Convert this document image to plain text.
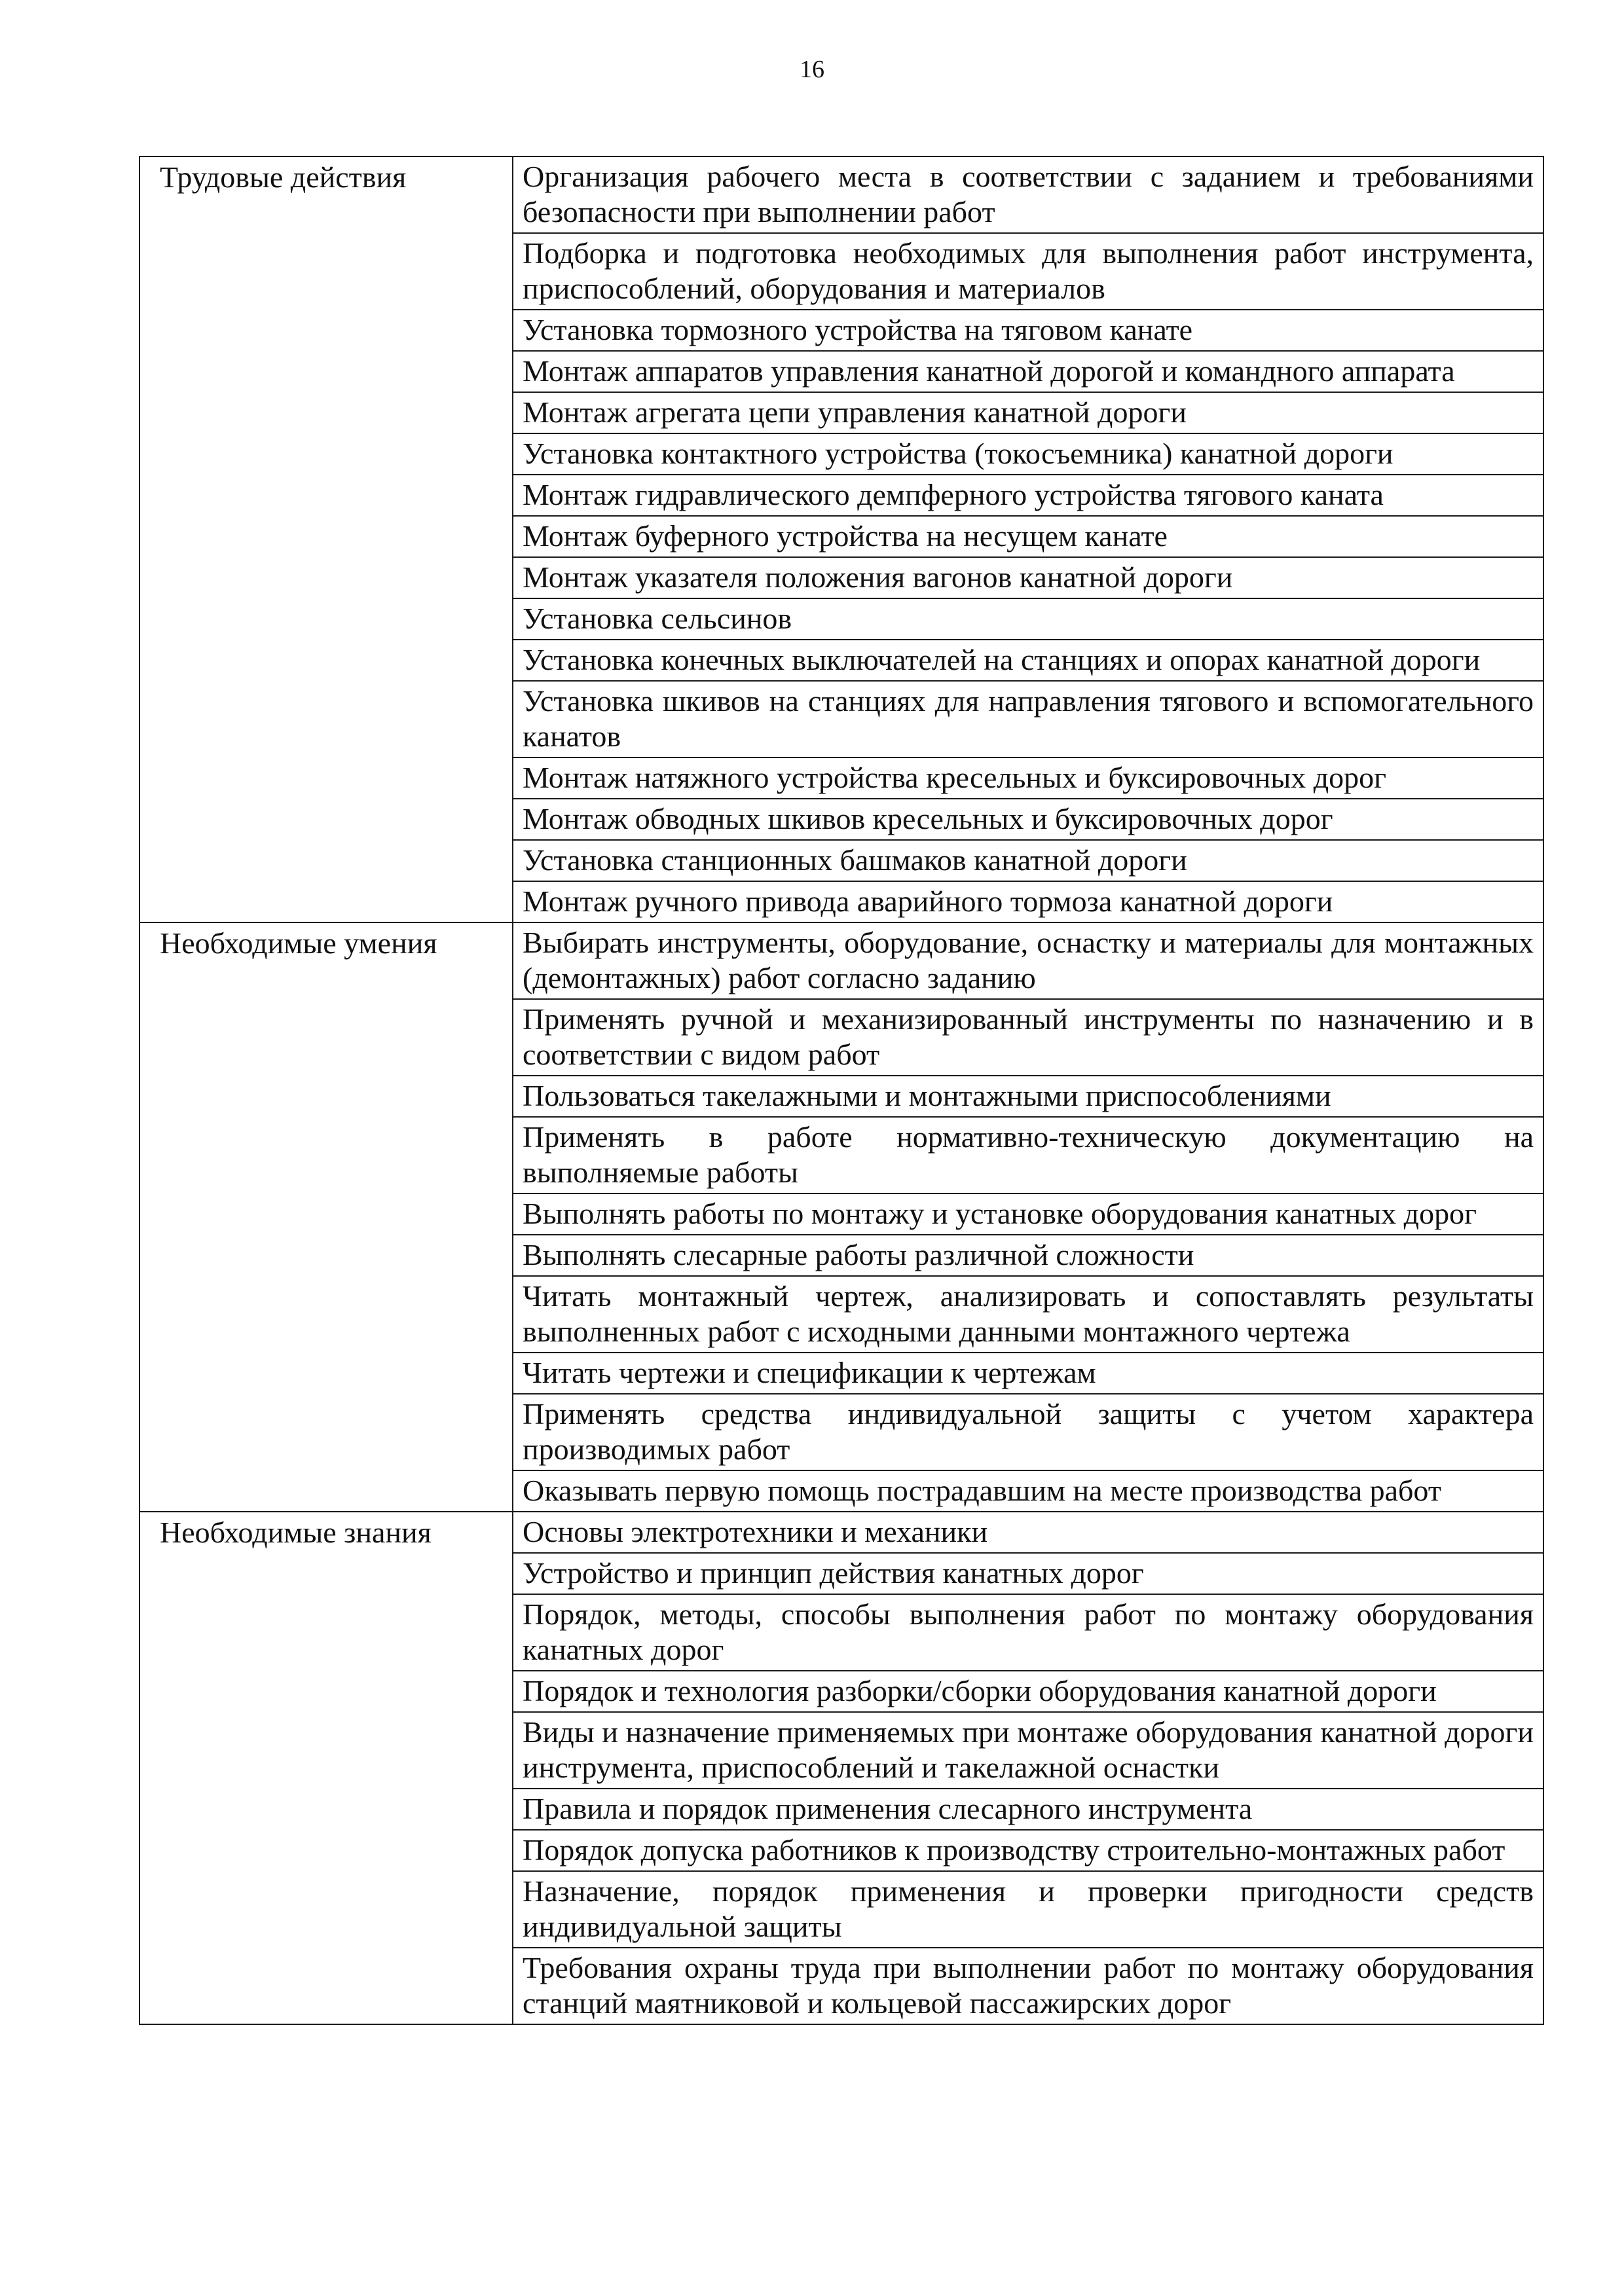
16
Трудовые действия	Организация рабочего места в соответствии с заданием и требованиями безопасности при выполнении работ
	Подборка и подготовка необходимых для выполнения работ инструмента, приспособлений, оборудования и материалов
	Установка тормозного устройства на тяговом канате
	Монтаж аппаратов управления канатной дорогой и командного аппарата
	Монтаж агрегата цепи управления канатной дороги
	Установка контактного устройства (токосъемника) канатной дороги
	Монтаж гидравлического демпферного устройства тягового каната
	Монтаж буферного устройства на несущем канате
	Монтаж указателя положения вагонов канатной дороги
	Установка сельсинов
	Установка конечных выключателей на станциях и опорах канатной дороги
	Установка шкивов на станциях для направления тягового и вспомогательного канатов
	Монтаж натяжного устройства кресельных и буксировочных дорог
	Монтаж обводных шкивов кресельных и буксировочных дорог
	Установка станционных башмаков канатной дороги
	Монтаж ручного привода аварийного тормоза канатной дороги

Необходимые умения	Выбирать инструменты, оборудование, оснастку и материалы для монтажных (демонтажных) работ согласно заданию
	Применять ручной и механизированный инструменты по назначению и в соответствии с видом работ
	Пользоваться такелажными и монтажными приспособлениями
	Применять в работе нормативно-техническую документацию на выполняемые работы
	Выполнять работы по монтажу и установке оборудования канатных дорог
	Выполнять слесарные работы различной сложности
	Читать монтажный чертеж, анализировать и сопоставлять результаты выполненных работ с исходными данными монтажного чертежа
	Читать чертежи и спецификации к чертежам
	Применять средства индивидуальной защиты с учетом характера производимых работ
	Оказывать первую помощь пострадавшим на месте производства работ

Необходимые знания	Основы электротехники и механики
	Устройство и принцип действия канатных дорог
	Порядок, методы, способы выполнения работ по монтажу оборудования канатных дорог
	Порядок и технология разборки/сборки оборудования канатной дороги
	Виды и назначение применяемых при монтаже оборудования канатной дороги инструмента, приспособлений и такелажной оснастки
	Правила и порядок применения слесарного инструмента
	Порядок допуска работников к производству строительно-монтажных работ
	Назначение, порядок применения и проверки пригодности средств индивидуальной защиты
	Требования охраны труда при выполнении работ по монтажу оборудования станций маятниковой и кольцевой пассажирских дорог
